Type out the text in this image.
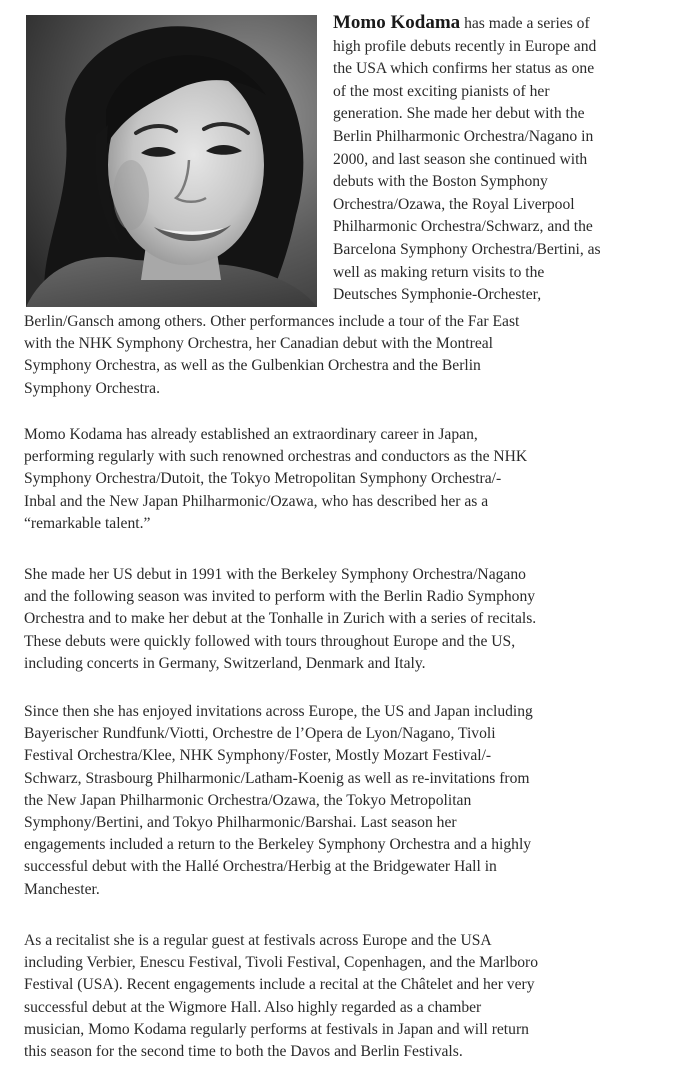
Momo Kodama has made a series of
high profile debuts recently in Europe and
the USA which confirms her status as one
of the most exciting pianists of her
generation. She made her debut with the
Berlin Philharmonic Orchestra/Nagano in
2000, and last season she continued with
debuts with the Boston Symphony
Orchestra/Ozawa, the Royal Liverpool
Philharmonic Orchestra/Schwarz, and the
Barcelona Symphony Orchestra/Bertini, as
well as making return visits to the
Deutsches Symphonie-Orchester,
Berlin/Gansch among others. Other performances include a tour of the Far East
with the NHK Symphony Orchestra, her Canadian debut with the Montreal
Symphony Orchestra, as well as the Gulbenkian Orchestra and the Berlin
Symphony Orchestra.
Momo Kodama has already established an extraordinary career in Japan,
performing regularly with such renowned orchestras and conductors as the NHK
Symphony Orchestra/Dutoit, the Tokyo Metropolitan Symphony Orchestra/-
Inbal and the New Japan Philharmonic/Ozawa, who has described her as a
“remarkable talent.”
She made her US debut in 1991 with the Berkeley Symphony Orchestra/Nagano
and the following season was invited to perform with the Berlin Radio Symphony
Orchestra and to make her debut at the Tonhalle in Zurich with a series of recitals.
These debuts were quickly followed with tours throughout Europe and the US,
including concerts in Germany, Switzerland, Denmark and Italy.
Since then she has enjoyed invitations across Europe, the US and Japan including
Bayerischer Rundfunk/Viotti, Orchestre de l’Opera de Lyon/Nagano, Tivoli
Festival Orchestra/Klee, NHK Symphony/Foster, Mostly Mozart Festival/-
Schwarz, Strasbourg Philharmonic/Latham-Koenig as well as re-invitations from
the New Japan Philharmonic Orchestra/Ozawa, the Tokyo Metropolitan
Symphony/Bertini, and Tokyo Philharmonic/Barshai. Last season her
engagements included a return to the Berkeley Symphony Orchestra and a highly
successful debut with the Hallé Orchestra/Herbig at the Bridgewater Hall in
Manchester.
As a recitalist she is a regular guest at festivals across Europe and the USA
including Verbier, Enescu Festival, Tivoli Festival, Copenhagen, and the Marlboro
Festival (USA). Recent engagements include a recital at the Châtelet and her very
successful debut at the Wigmore Hall. Also highly regarded as a chamber
musician, Momo Kodama regularly performs at festivals in Japan and will return
this season for the second time to both the Davos and Berlin Festivals.
